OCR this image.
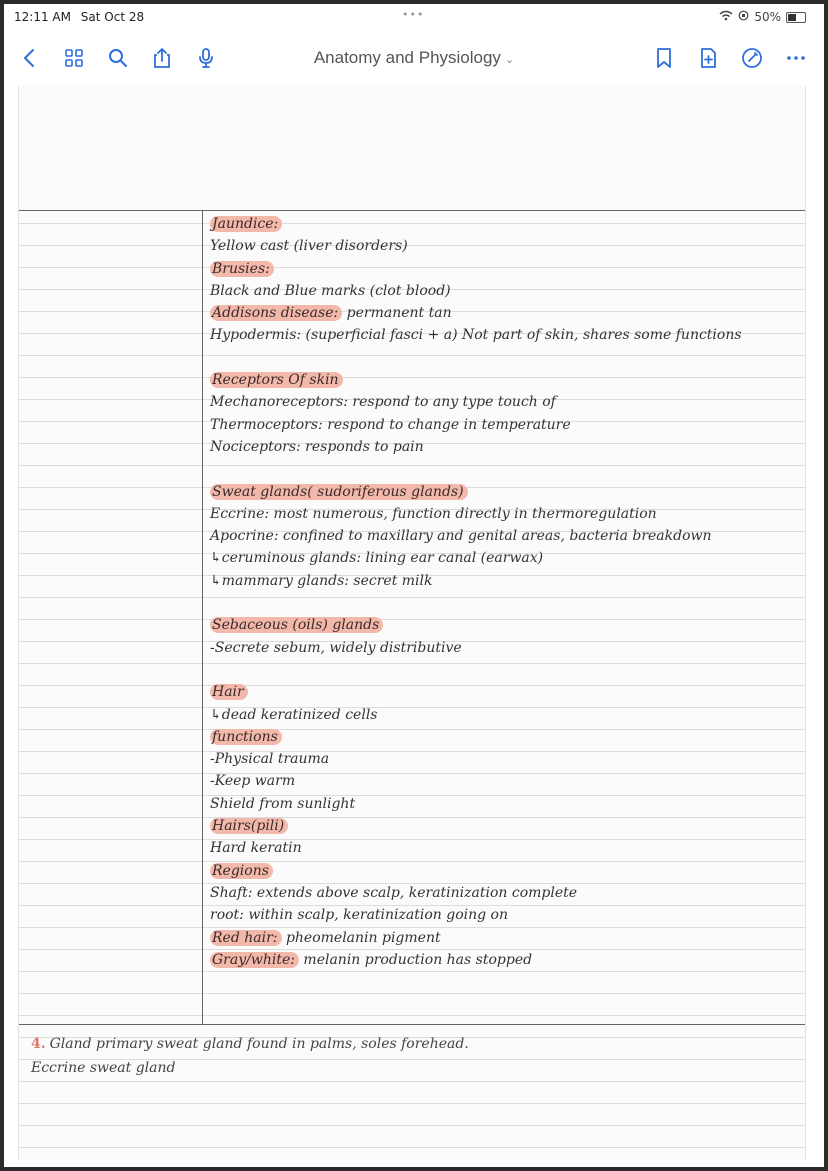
12:11 AM Sat Oct 28	•••	50%
Anatomy and Physiology ⌄
Jaundice:
Yellow cast (liver disorders)
Brusies:
Black and Blue marks (clot blood)
Addisons disease: permanent tan
Hypodermis: (superficial fasci + a) Not part of skin, shares some functions
Receptors Of skin
Mechanoreceptors: respond to any type touch of
Thermoceptors: respond to change in temperature
Nociceptors: responds to pain
Sweat glands( sudoriferous glands)
Eccrine: most numerous, function directly in thermoregulation
Apocrine: confined to maxillary and genital areas, bacteria breakdown
↳ceruminous glands: lining ear canal (earwax)
↳mammary glands: secret milk
Sebaceous (oils) glands
-Secrete sebum, widely distributive
Hair
↳dead keratinized cells
functions
-Physical trauma
-Keep warm
Shield from sunlight
Hairs(pili)
Hard keratin
Regions
Shaft: extends above scalp, keratinization complete
root: within scalp, keratinization going on
Red hair: pheomelanin pigment
Gray/white: melanin production has stopped
4. Gland primary sweat gland found in palms, soles forehead.
Eccrine sweat gland
